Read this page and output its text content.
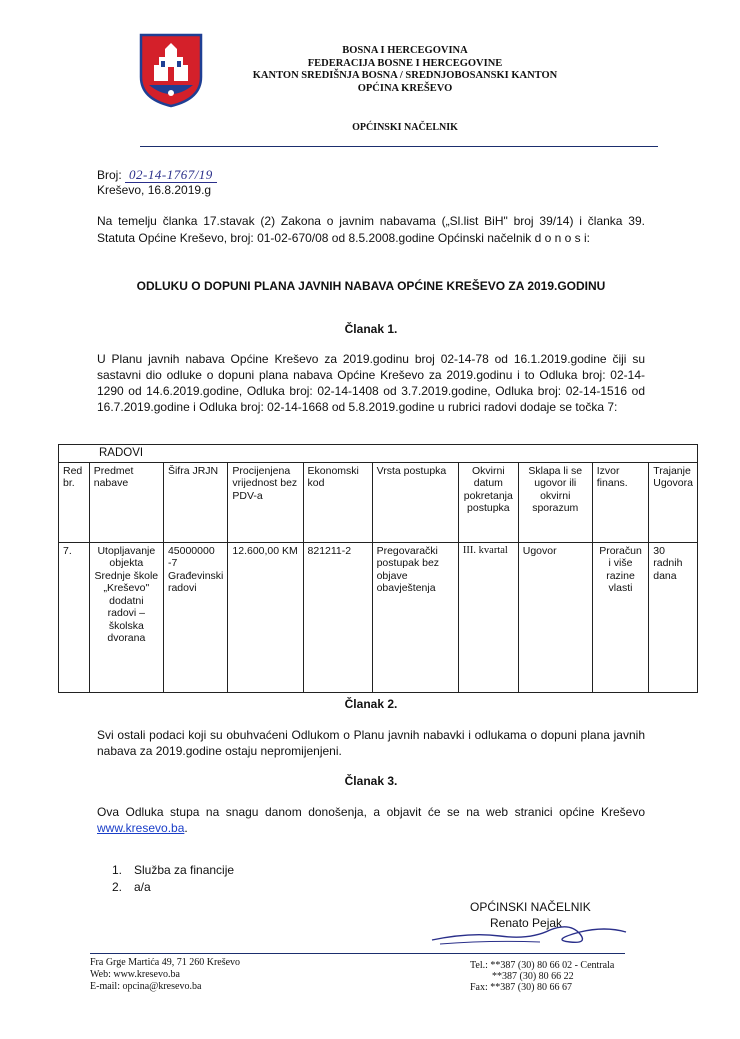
BOSNA I HERCEGOVINA
FEDERACIJA BOSNE I HERCEGOVINE
KANTON SREDIŠNJA BOSNA / SREDNJOBOSANSKI KANTON
OPĆINA KREŠEVO
OPĆINSKI NAČELNIK
Broj: 02-14-1767/19
Kreševo, 16.8.2019.g
Na temelju članka 17.stavak (2) Zakona o javnim nabavama („Sl.list BiH" broj 39/14) i članka 39. Statuta Općine Kreševo, broj: 01-02-670/08 od 8.5.2008.godine Općinski načelnik d o n o s i:
ODLUKU O DOPUNI PLANA JAVNIH NABAVA OPĆINE KREŠEVO ZA 2019.GODINU
Članak 1.
U Planu javnih nabava Općine Kreševo za 2019.godinu broj 02-14-78 od 16.1.2019.godine čiji su sastavni dio odluke o dopuni plana nabava Općine Kreševo za 2019.godinu i to Odluka broj: 02-14-1290 od 14.6.2019.godine, Odluka broj: 02-14-1408 od 3.7.2019.godine, Odluka broj: 02-14-1516 od 16.7.2019.godine i Odluka broj: 02-14-1668 od 5.8.2019.godine u rubrici radovi dodaje se točka 7:
RADOVI									
Red br.	Predmet nabave	Šifra JRJN	Procijenjena vrijednost bez PDV-a	Ekonomski kod	Vrsta postupka	Okvirni datum pokretanja postupka	Sklapa li se ugovor ili okvirni sporazum	Izvor finans.	Trajanje Ugovora
7.	Utopljavanje objekta Srednje škole „Kreševo" dodatni radovi – školska dvorana	45000000 -7 Građevinski radovi	12.600,00 KM	821211-2	Pregovarački postupak bez objave obavještenja	III. kvartal	Ugovor	Proračun i više razine vlasti	30 radnih dana
Članak 2.
Svi ostali podaci koji su obuhvaćeni Odlukom o Planu javnih nabavki i odlukama o dopuni plana javnih nabava za 2019.godine ostaju nepromijenjeni.
Članak 3.
Ova Odluka stupa na snagu danom donošenja, a objavit će se na web stranici općine Kreševo www.kresevo.ba.
1. Služba za financije
2. a/a
OPĆINSKI NAČELNIK
Renato Pejak
Fra Grge Martića 49, 71 260 Kreševo
Web: www.kresevo.ba
E-mail: opcina@kresevo.ba
Tel.: **387 (30) 80 66 02 - Centrala
**387 (30) 80 66 22
Fax: **387 (30) 80 66 67
